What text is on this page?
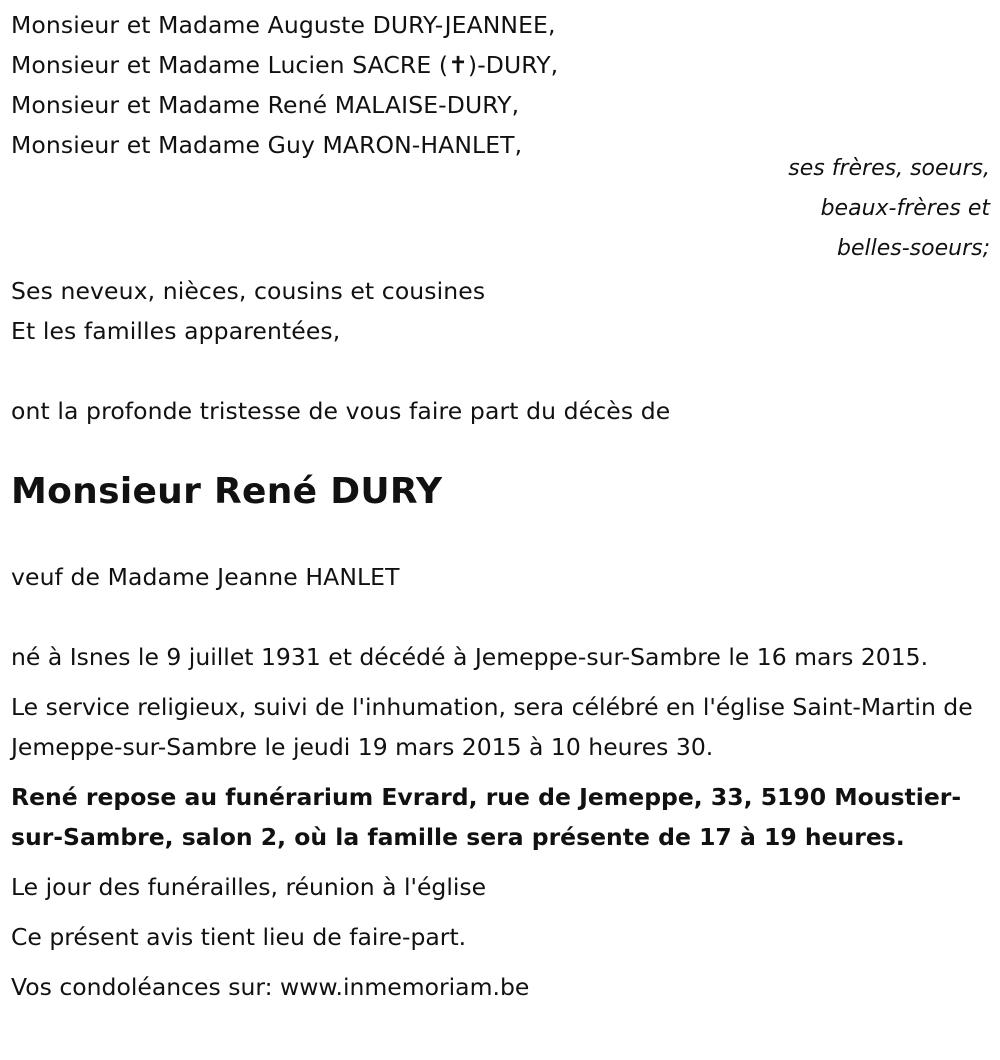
Monsieur et Madame Auguste DURY-JEANNEE,
Monsieur et Madame Lucien SACRE (✝)-DURY,
Monsieur et Madame René MALAISE-DURY,
Monsieur et Madame Guy MARON-HANLET,
ses frères, soeurs,
beaux-frères et
belles-soeurs;
Ses neveux, nièces, cousins et cousines
Et les familles apparentées,
ont la profonde tristesse de vous faire part du décès de
Monsieur René DURY
veuf de Madame Jeanne HANLET
né à Isnes le 9 juillet 1931 et décédé à Jemeppe-sur-Sambre le 16 mars 2015.
Le service religieux, suivi de l'inhumation, sera célébré en l'église Saint-Martin de Jemeppe-sur-Sambre le jeudi 19 mars 2015 à 10 heures 30.
René repose au funérarium Evrard, rue de Jemeppe, 33, 5190 Moustier-sur-Sambre, salon 2, où la famille sera présente de 17 à 19 heures.
Le jour des funérailles, réunion à l'église
Ce présent avis tient lieu de faire-part.
Vos condoléances sur: www.inmemoriam.be
